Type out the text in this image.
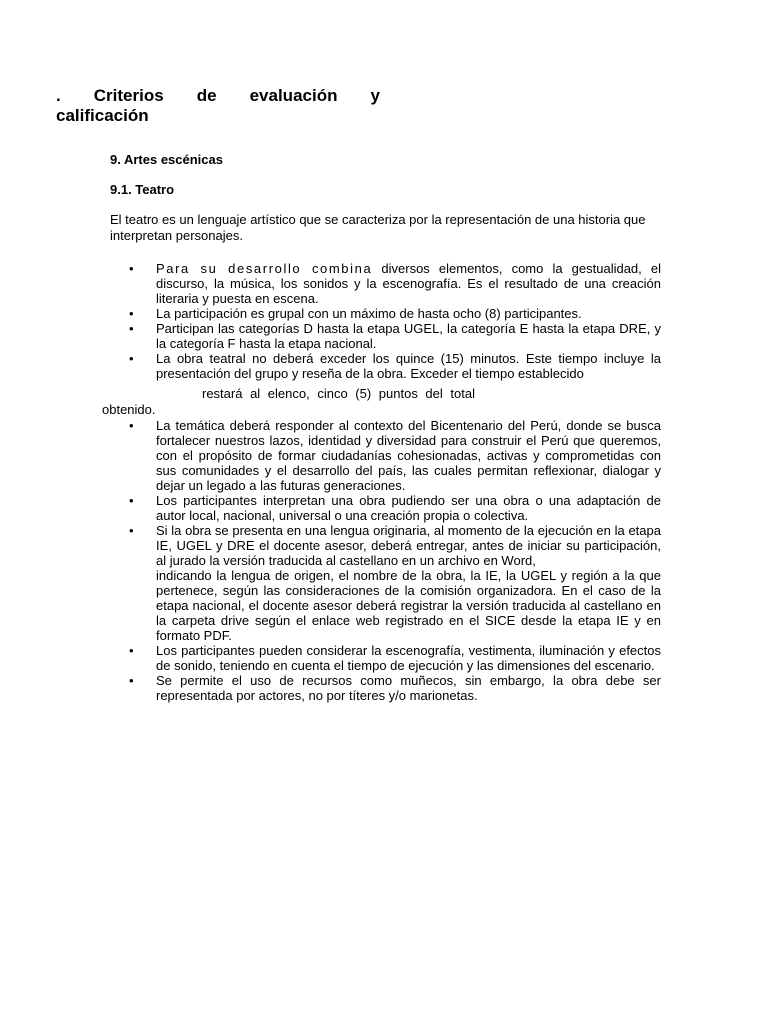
. Criterios de evaluación y
calificación
9. Artes escénicas
9.1. Teatro
El teatro es un lenguaje artístico que se caracteriza por la representación de una historia que interpretan personajes.
• Para su desarrollo combina diversos elementos, como la gestualidad, el discurso, la música, los sonidos y la escenografía. Es el resultado de una creación literaria y puesta en escena.
• La participación es grupal con un máximo de hasta ocho (8) participantes.
• Participan las categorías D hasta la etapa UGEL, la categoría E hasta la etapa DRE, y la categoría F hasta la etapa nacional.
• La obra teatral no deberá exceder los quince (15) minutos. Este tiempo incluye la presentación del grupo y reseña de la obra. Exceder el tiempo establecido
restará al elenco, cinco (5) puntos del total
obtenido.
• La temática deberá responder al contexto del Bicentenario del Perú, donde se busca fortalecer nuestros lazos, identidad y diversidad para construir el Perú que queremos, con el propósito de formar ciudadanías cohesionadas, activas y comprometidas con sus comunidades y el desarrollo del país, las cuales permitan reflexionar, dialogar y dejar un legado a las futuras generaciones.
• Los participantes interpretan una obra pudiendo ser una obra o una adaptación de autor local, nacional, universal o una creación propia o colectiva.
• Si la obra se presenta en una lengua originaria, al momento de la ejecución en la etapa IE, UGEL y DRE el docente asesor, deberá entregar, antes de iniciar su participación, al jurado la versión traducida al castellano en un archivo en Word,
indicando la lengua de origen, el nombre de la obra, la IE, la UGEL y región a la que pertenece, según las consideraciones de la comisión organizadora. En el caso de la etapa nacional, el docente asesor deberá registrar la versión traducida al castellano en la carpeta drive según el enlace web registrado en el SICE desde la etapa IE y en formato PDF.
• Los participantes pueden considerar la escenografía, vestimenta, iluminación y efectos de sonido, teniendo en cuenta el tiempo de ejecución y las dimensiones del escenario.
• Se permite el uso de recursos como muñecos, sin embargo, la obra debe ser representada por actores, no por títeres y/o marionetas.
